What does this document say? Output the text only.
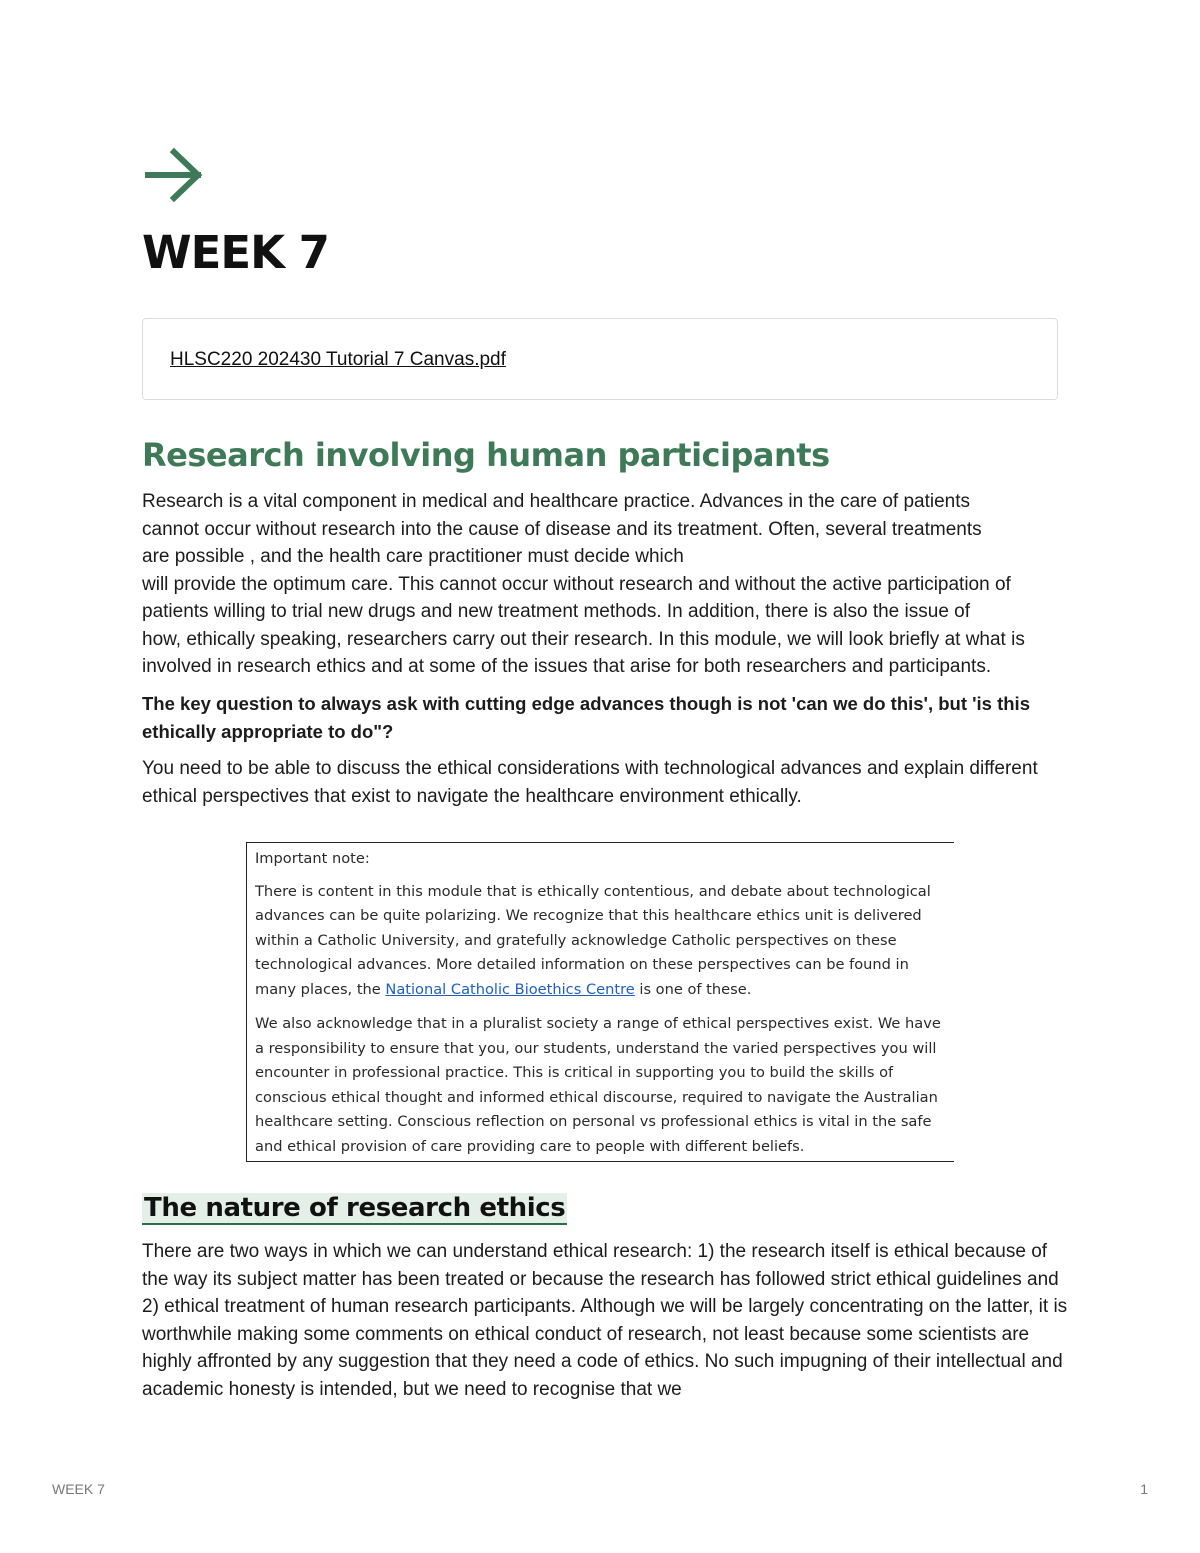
WEEK 7
HLSC220 202430 Tutorial 7 Canvas.pdf
Research involving human participants

Research is a vital component in medical and healthcare practice. Advances in the care of patients
cannot occur without research into the cause of disease and its treatment. Often, several treatments
are possible , and the health care practitioner must decide which
will provide the optimum care. This cannot occur without research and without the active participation of
patients willing to trial new drugs and new treatment methods. In addition, there is also the issue of
how, ethically speaking, researchers carry out their research. In this module, we will look briefly at what is
involved in research ethics and at some of the issues that arise for both researchers and participants.

The key question to always ask with cutting edge advances though is not 'can we do this', but 'is this ethically appropriate to do"?

You need to be able to discuss the ethical considerations with technological advances and explain different ethical perspectives that exist to navigate the healthcare environment ethically.

Important note:

There is content in this module that is ethically contentious, and debate about technological advances can be quite polarizing. We recognize that this healthcare ethics unit is delivered within a Catholic University, and gratefully acknowledge Catholic perspectives on these technological advances. More detailed information on these perspectives can be found in many places, the National Catholic Bioethics Centre is one of these.

We also acknowledge that in a pluralist society a range of ethical perspectives exist. We have a responsibility to ensure that you, our students, understand the varied perspectives you will encounter in professional practice. This is critical in supporting you to build the skills of conscious ethical thought and informed ethical discourse, required to navigate the Australian healthcare setting. Conscious reflection on personal vs professional ethics is vital in the safe and ethical provision of care providing care to people with different beliefs.

The nature of research ethics

There are two ways in which we can understand ethical research: 1) the research itself is ethical because of the way its subject matter has been treated or because the research has followed strict ethical guidelines and 2) ethical treatment of human research participants. Although we will be largely concentrating on the latter, it is worthwhile making some comments on ethical conduct of research, not least because some scientists are highly affronted by any suggestion that they need a code of ethics. No such impugning of their intellectual and academic honesty is intended, but we need to recognise that we

WEEK 7	1
